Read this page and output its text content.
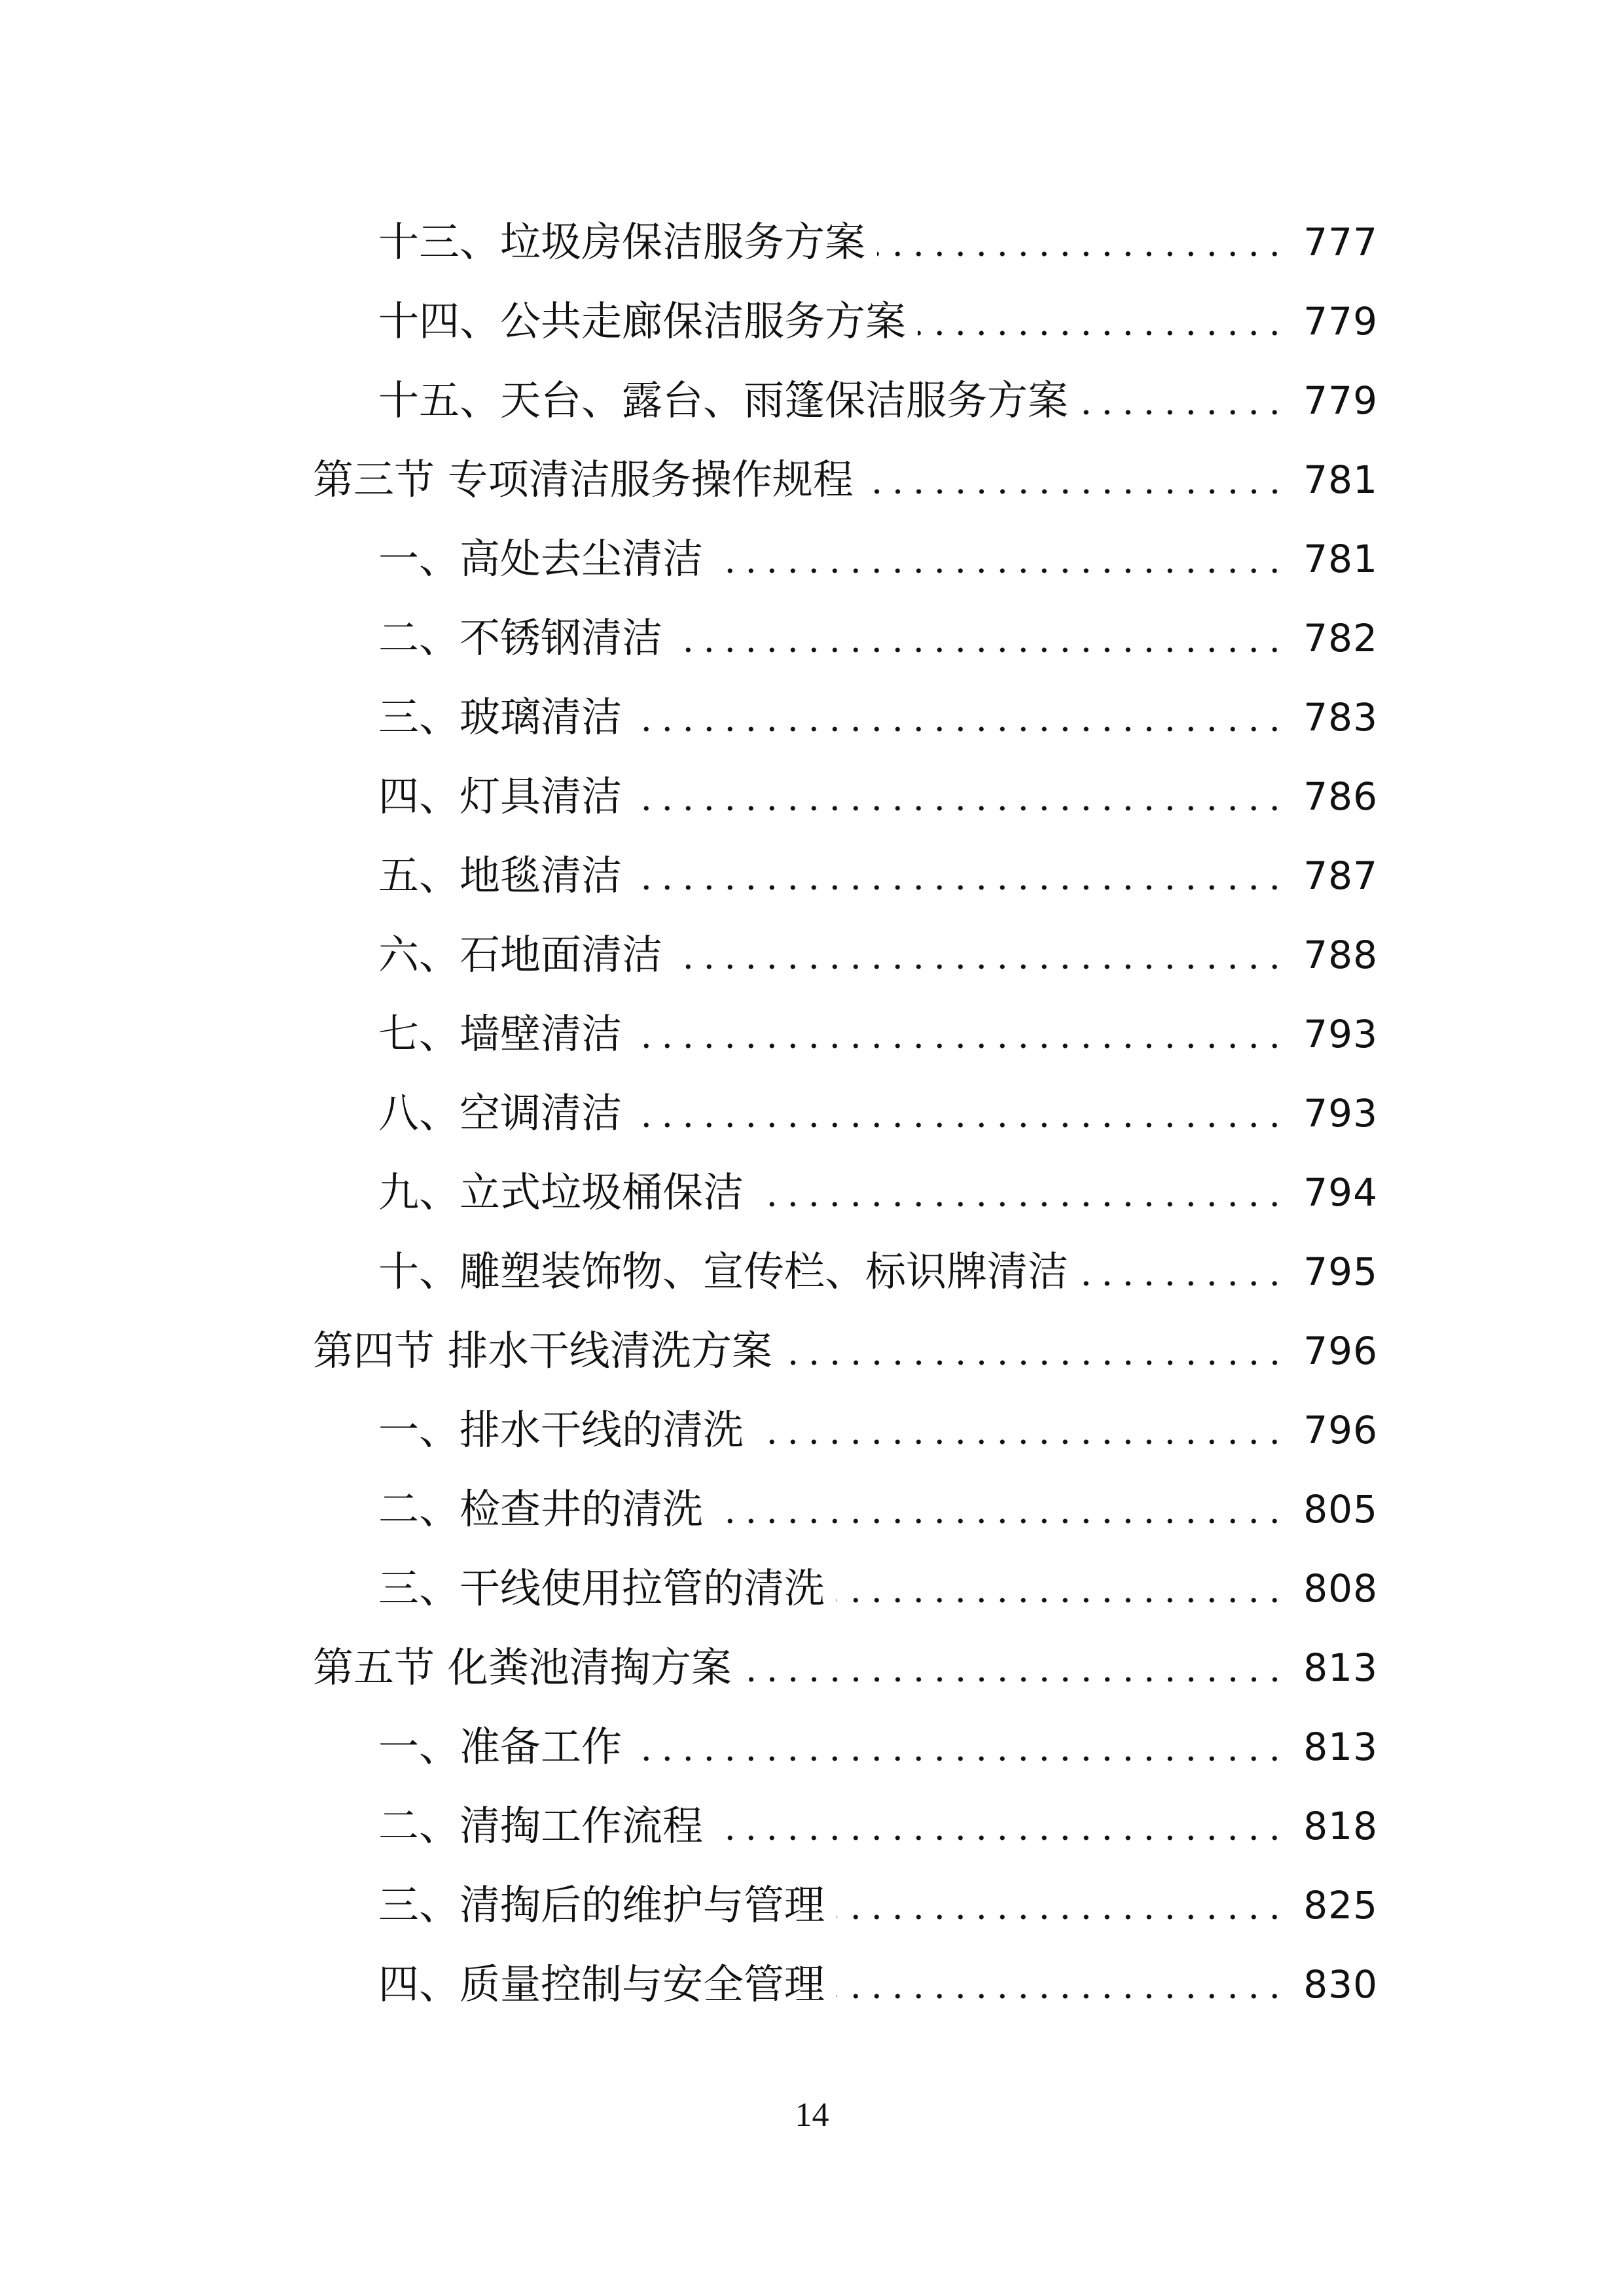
十三、垃圾房保洁服务方案	777
十四、公共走廊保洁服务方案	779
十五、天台、露台、雨篷保洁服务方案	779
第三节 专项清洁服务操作规程	781
一、高处去尘清洁	781
二、不锈钢清洁	782
三、玻璃清洁	783
四、灯具清洁	786
五、地毯清洁	787
六、石地面清洁	788
七、墙壁清洁	793
八、空调清洁	793
九、立式垃圾桶保洁	794
十、雕塑装饰物、宣传栏、标识牌清洁	795
第四节 排水干线清洗方案	796
一、排水干线的清洗	796
二、检查井的清洗	805
三、干线使用拉管的清洗	808
第五节 化粪池清掏方案	813
一、准备工作	813
二、清掏工作流程	818
三、清掏后的维护与管理	825
四、质量控制与安全管理	830
14
